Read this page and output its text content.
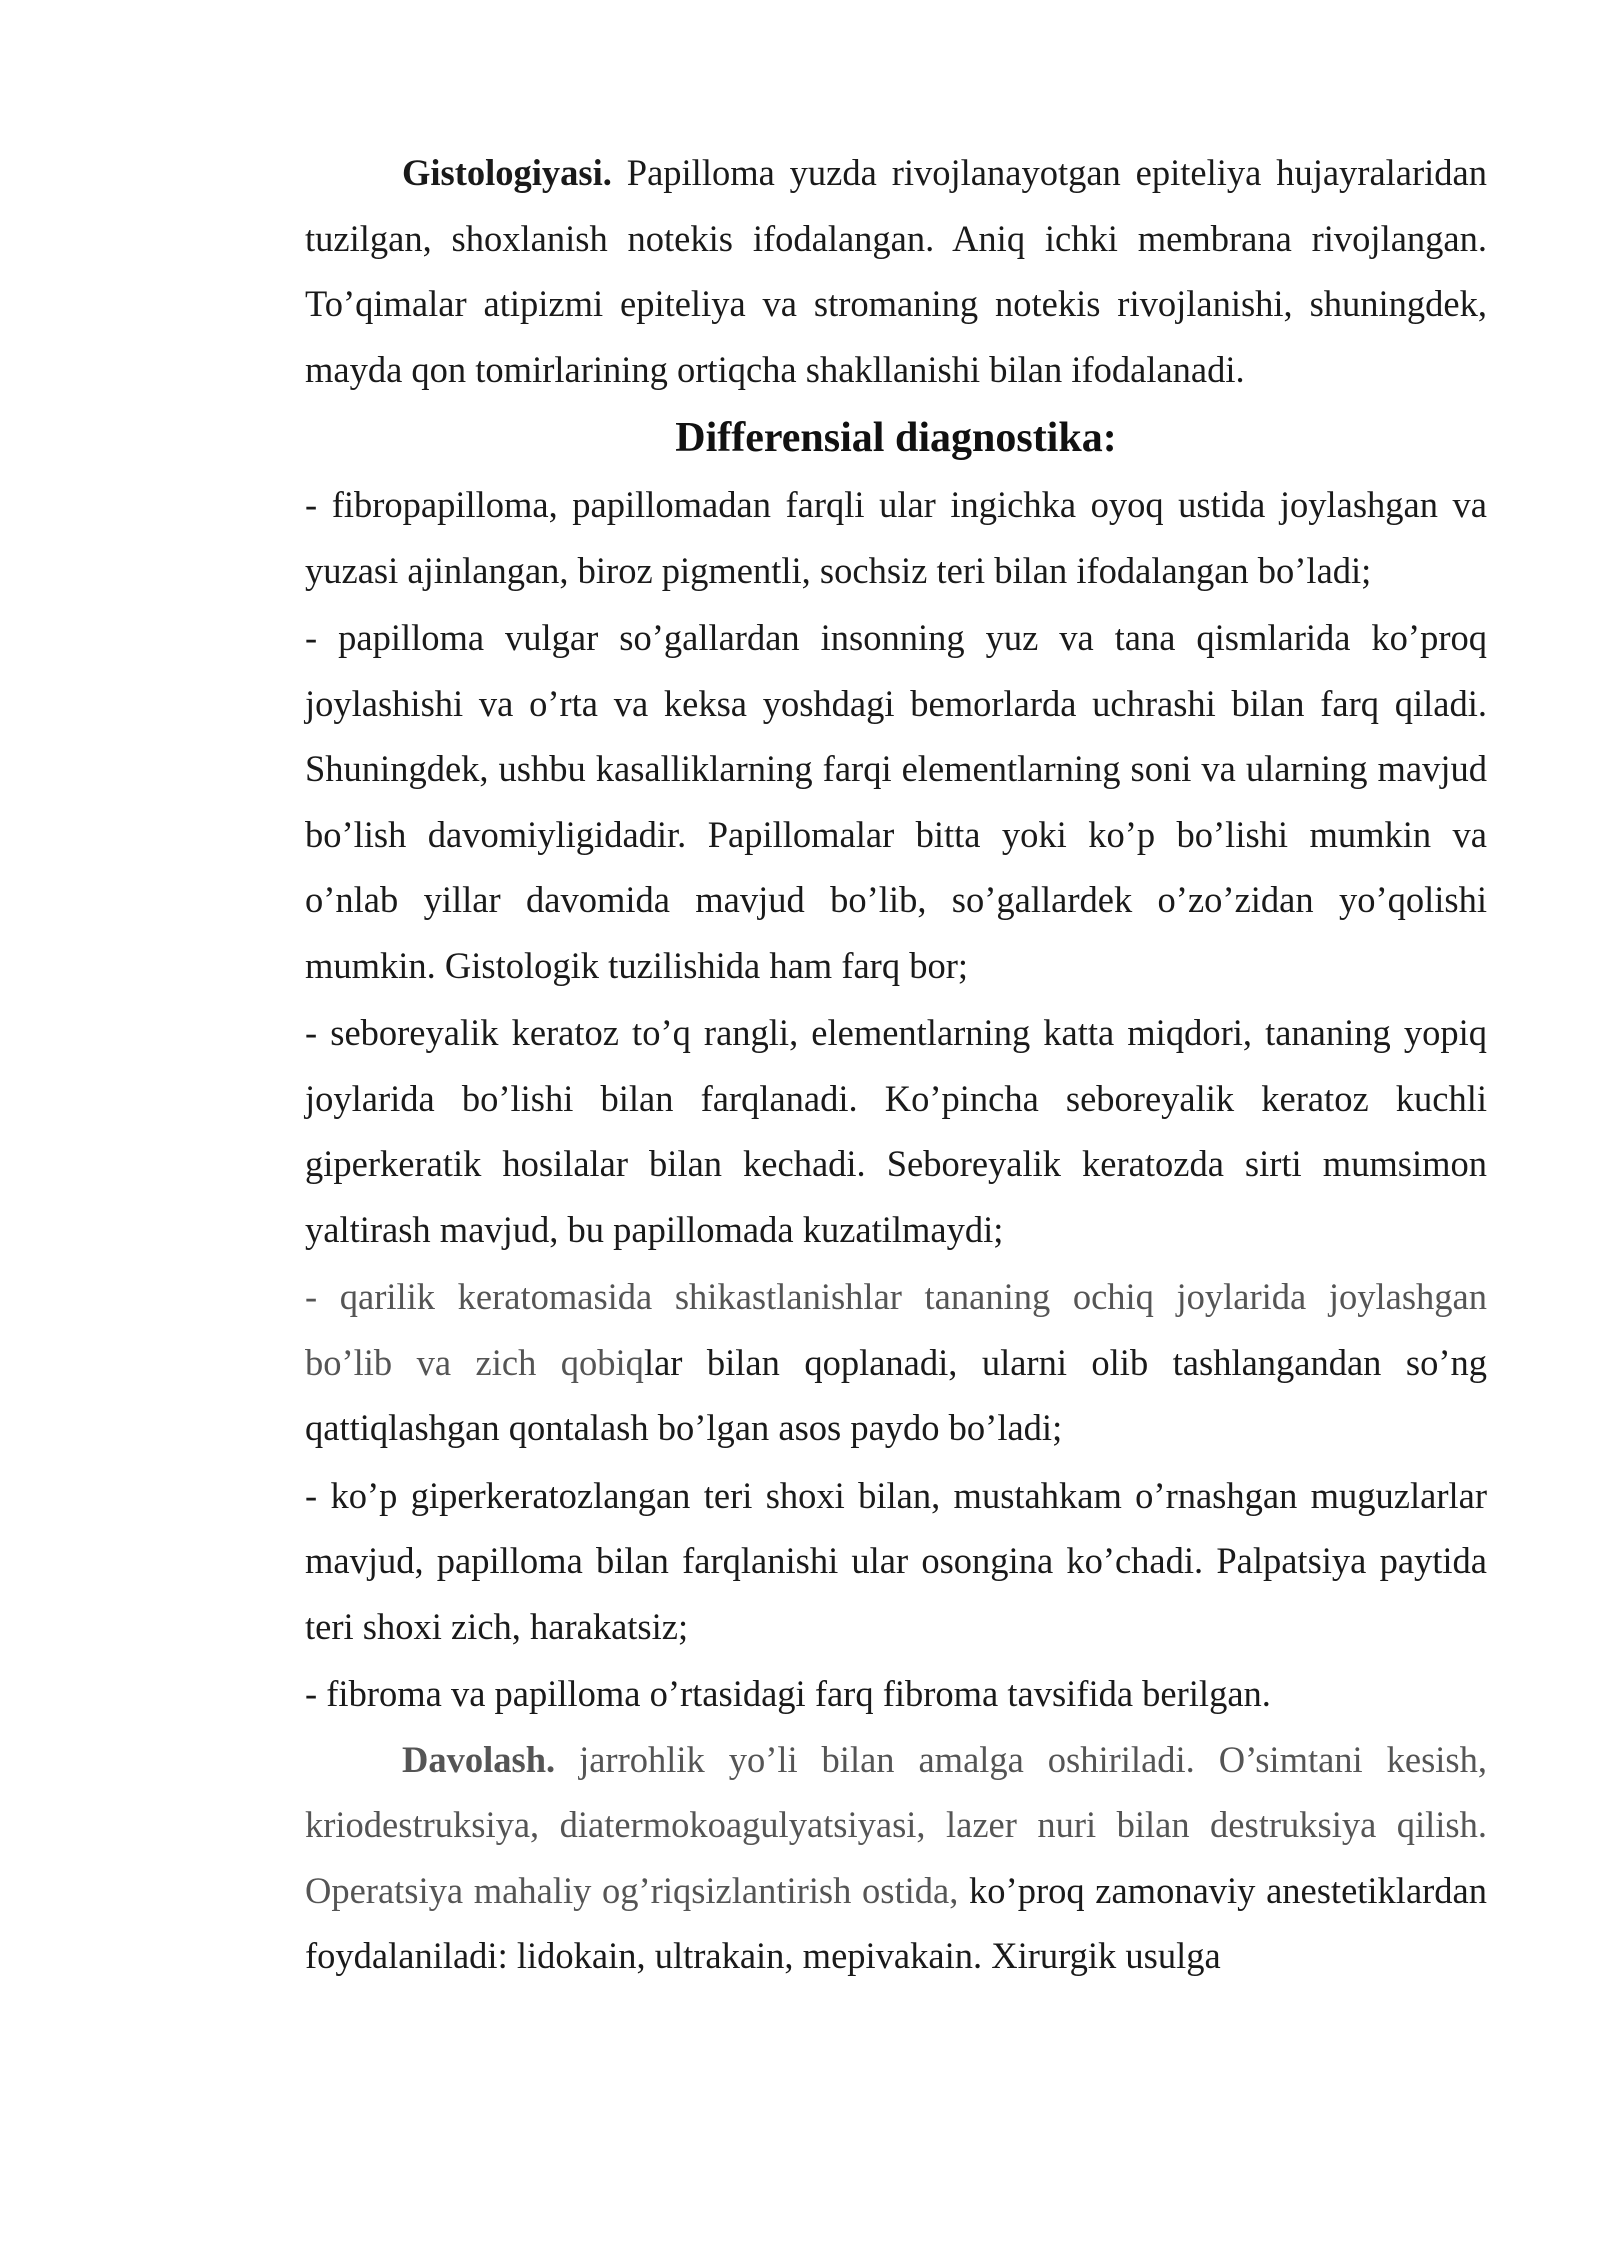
Gistologiyasi. Papilloma yuzda rivojlanayotgan epiteliya hujayralaridan tuzilgan, shoxlanish notekis ifodalangan. Aniq ichki membrana rivojlangan. To’qimalar atipizmi epiteliya va stromaning notekis rivojlanishi, shuningdek, mayda qon tomirlarining ortiqcha shakllanishi bilan ifodalanadi.

Differensial diagnostika:

- fibropapilloma, papillomadan farqli ular ingichka oyoq ustida joylashgan va yuzasi ajinlangan, biroz pigmentli, sochsiz teri bilan ifodalangan bo’ladi;

- papilloma vulgar so’gallardan insonning yuz va tana qismlarida ko’proq joylashishi va o’rta va keksa yoshdagi bemorlarda uchrashi bilan farq qiladi. Shuningdek, ushbu kasalliklarning farqi elementlarning soni va ularning mavjud bo’lish davomiyligidadir. Papillomalar bitta yoki ko’p bo’lishi mumkin va o’nlab yillar davomida mavjud bo’lib, so’gallardek o’zo’zidan yo’qolishi mumkin. Gistologik tuzilishida ham farq bor;

- seboreyalik keratoz to’q rangli, elementlarning katta miqdori, tananing yopiq joylarida bo’lishi bilan farqlanadi. Ko’pincha seboreyalik keratoz kuchli giperkeratik hosilalar bilan kechadi. Seboreyalik keratozda sirti mumsimon yaltirash mavjud, bu papillomada kuzatilmaydi;

- qarilik keratomasida shikastlanishlar tananing ochiq joylarida joylashgan bo’lib va zich qobiqlar bilan qoplanadi, ularni olib tashlangandan so’ng qattiqlashgan qontalash bo’lgan asos paydo bo’ladi;

- ko’p giperkeratozlangan teri shoxi bilan, mustahkam o’rnashgan muguzlarlar mavjud, papilloma bilan farqlanishi ular osongina ko’chadi. Palpatsiya paytida teri shoxi zich, harakatsiz;

- fibroma va papilloma o’rtasidagi farq fibroma tavsifida berilgan.

Davolash. jarrohlik yo’li bilan amalga oshiriladi. O’simtani kesish, kriodestruksiya, diatermokoagulyatsiyasi, lazer nuri bilan destruksiya qilish. Operatsiya mahaliy og’riqsizlantirish ostida, ko’proq zamonaviy anestetiklardan foydalaniladi: lidokain, ultrakain, mepivakain. Xirurgik usulga
